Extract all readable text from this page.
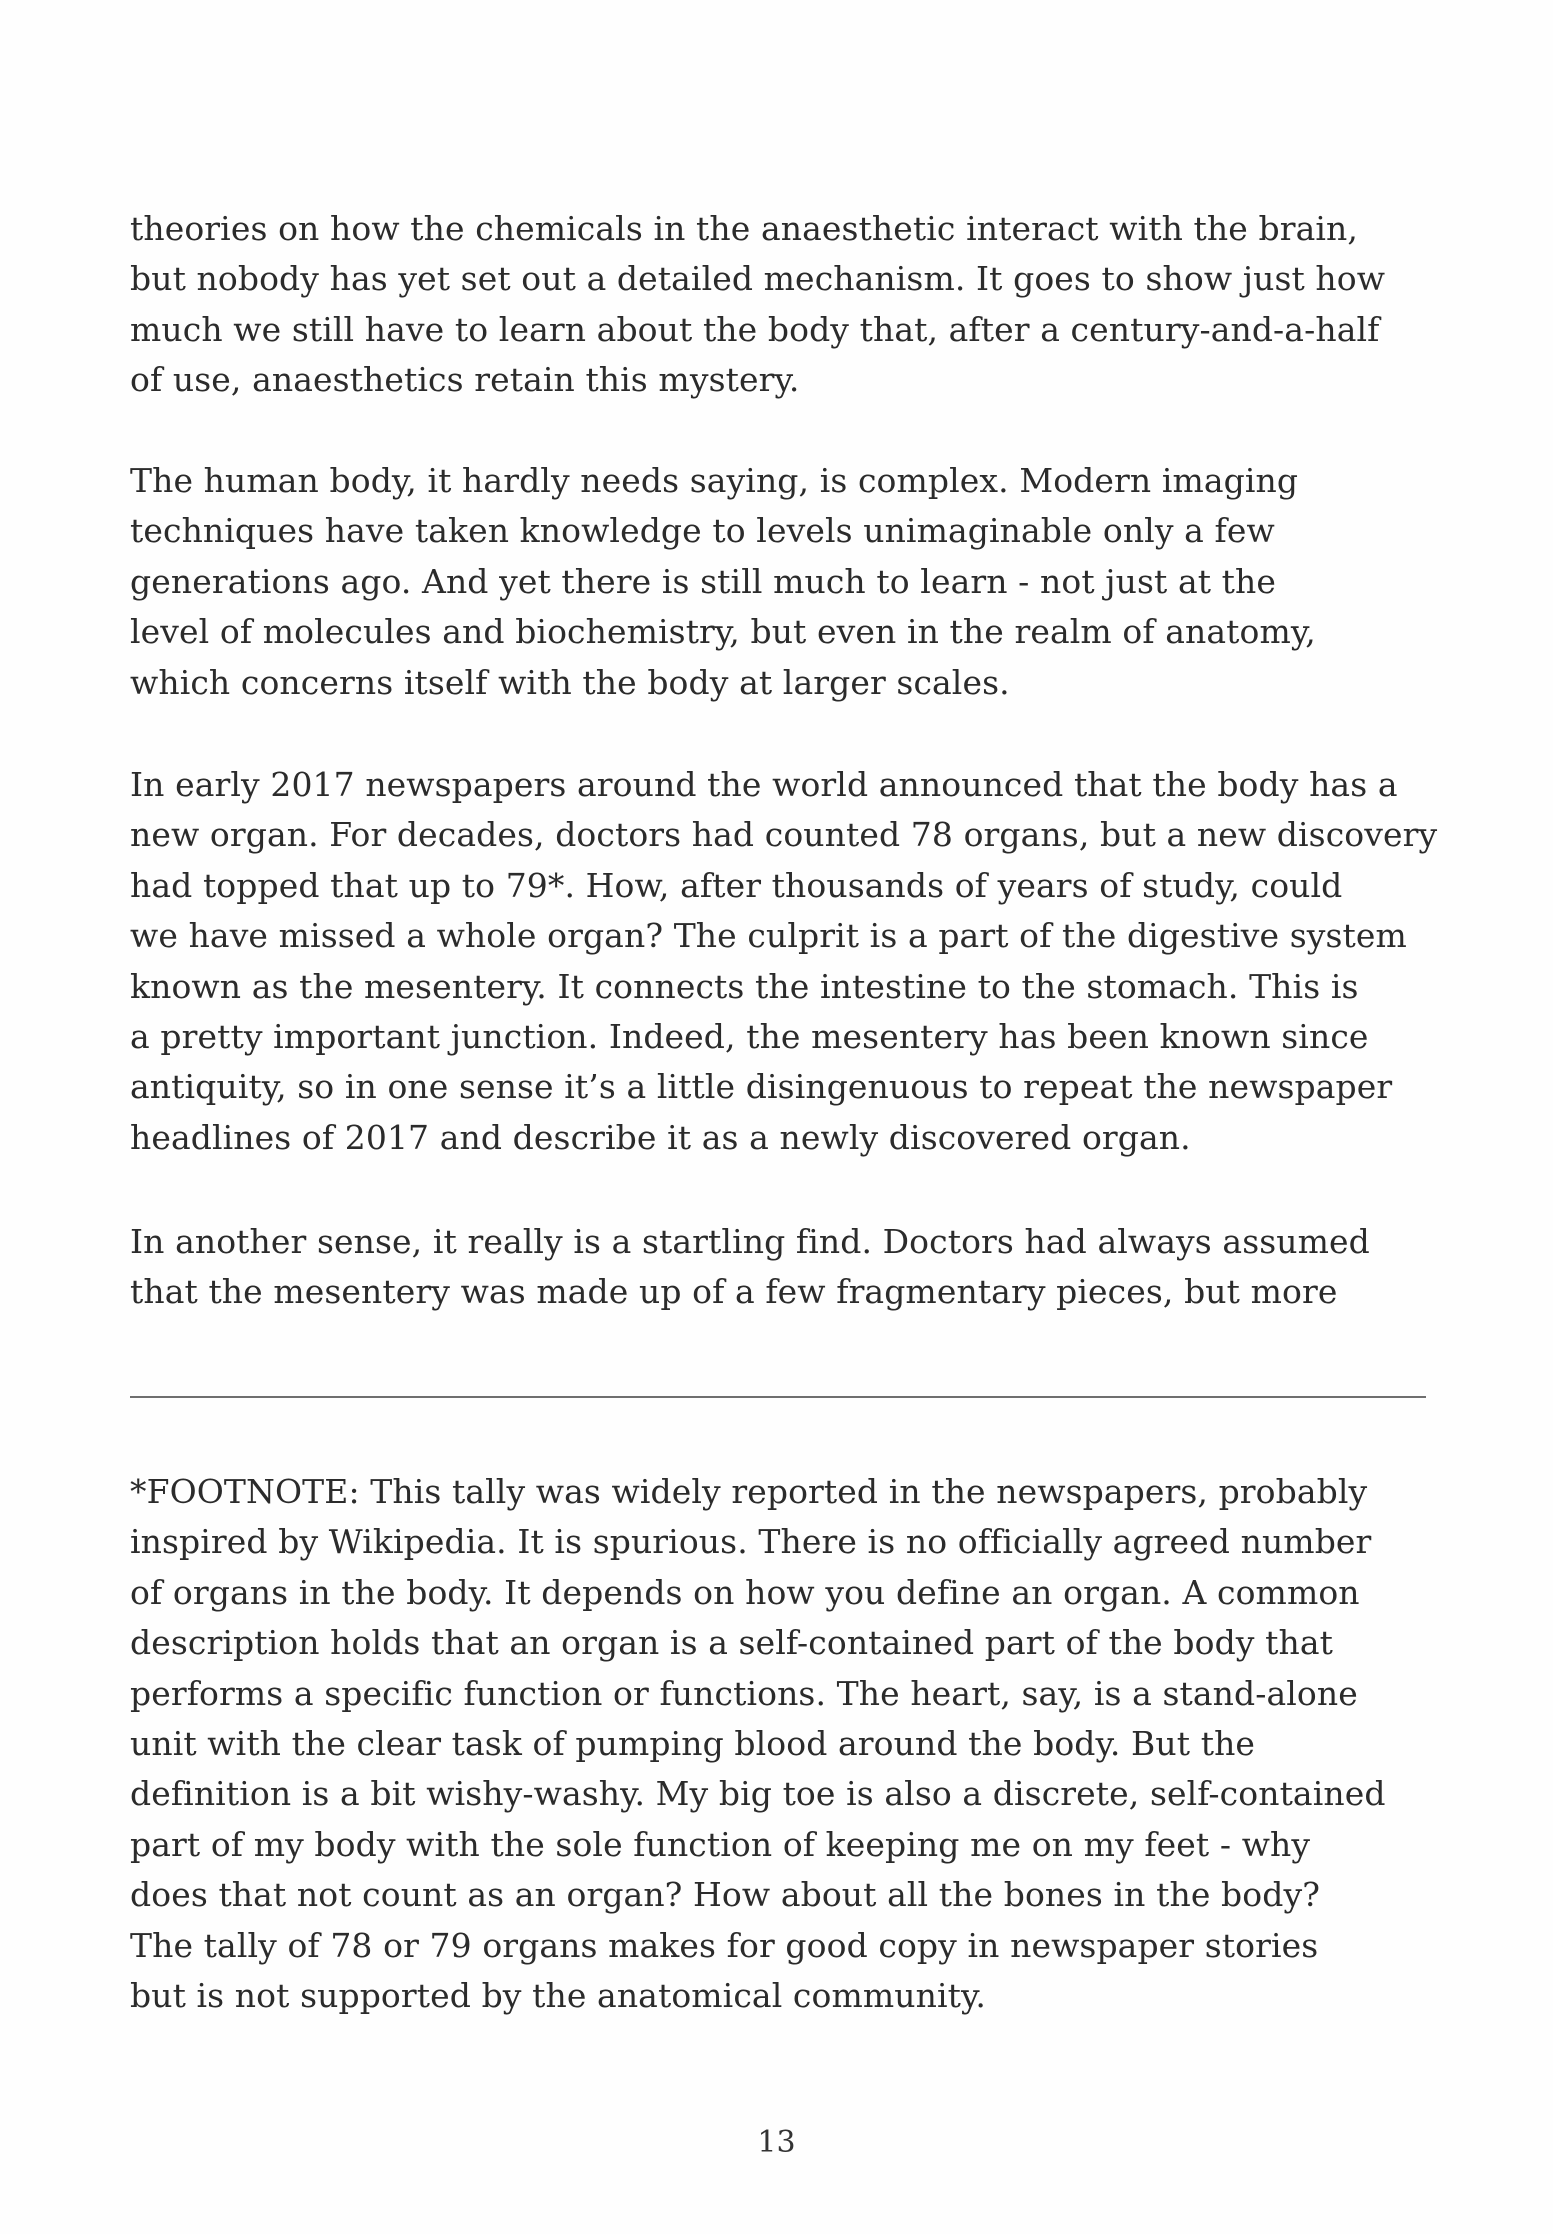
theories on how the chemicals in the anaesthetic interact with the brain,
but nobody has yet set out a detailed mechanism. It goes to show just how
much we still have to learn about the body that, after a century-and-a-half
of use, anaesthetics retain this mystery.
The human body, it hardly needs saying, is complex. Modern imaging
techniques have taken knowledge to levels unimaginable only a few
generations ago. And yet there is still much to learn - not just at the
level of molecules and biochemistry, but even in the realm of anatomy,
which concerns itself with the body at larger scales.
In early 2017 newspapers around the world announced that the body has a
new organ. For decades, doctors had counted 78 organs, but a new discovery
had topped that up to 79*. How, after thousands of years of study, could
we have missed a whole organ? The culprit is a part of the digestive system
known as the mesentery. It connects the intestine to the stomach. This is
a pretty important junction. Indeed, the mesentery has been known since
antiquity, so in one sense it’s a little disingenuous to repeat the newspaper
headlines of 2017 and describe it as a newly discovered organ.
In another sense, it really is a startling find. Doctors had always assumed
that the mesentery was made up of a few fragmentary pieces, but more
*FOOTNOTE: This tally was widely reported in the newspapers, probably
inspired by Wikipedia. It is spurious. There is no officially agreed number
of organs in the body. It depends on how you define an organ. A common
description holds that an organ is a self-contained part of the body that
performs a specific function or functions. The heart, say, is a stand-alone
unit with the clear task of pumping blood around the body. But the
definition is a bit wishy-washy. My big toe is also a discrete, self-contained
part of my body with the sole function of keeping me on my feet - why
does that not count as an organ? How about all the bones in the body?
The tally of 78 or 79 organs makes for good copy in newspaper stories
but is not supported by the anatomical community.
13
